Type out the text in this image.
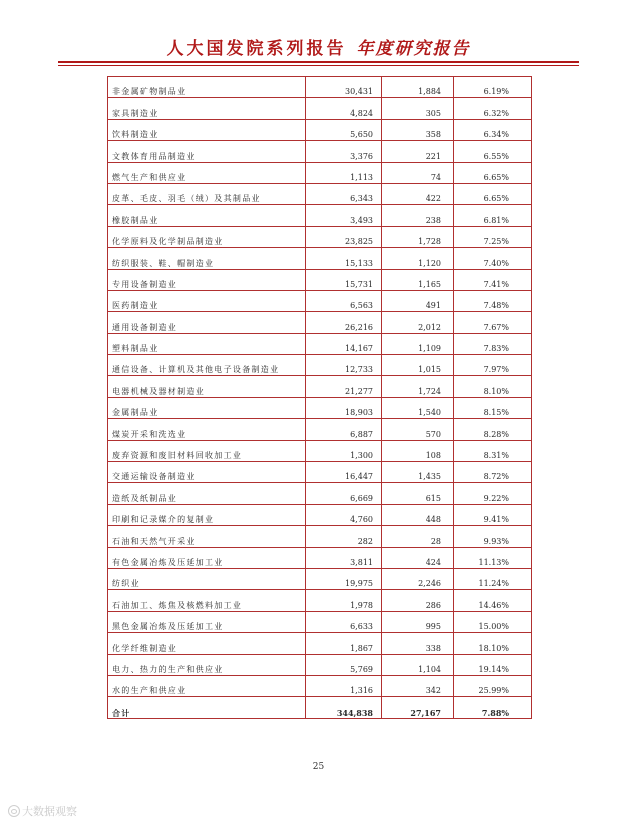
人大国发院系列报告 年度研究报告
非金属矿物制品业	30,431	1,884	6.19%
家具制造业	4,824	305	6.32%
饮料制造业	5,650	358	6.34%
文教体育用品制造业	3,376	221	6.55%
燃气生产和供应业	1,113	74	6.65%
皮革、毛皮、羽毛（绒）及其制品业	6,343	422	6.65%
橡胶制品业	3,493	238	6.81%
化学原料及化学制品制造业	23,825	1,728	7.25%
纺织服装、鞋、帽制造业	15,133	1,120	7.40%
专用设备制造业	15,731	1,165	7.41%
医药制造业	6,563	491	7.48%
通用设备制造业	26,216	2,012	7.67%
塑料制品业	14,167	1,109	7.83%
通信设备、计算机及其他电子设备制造业	12,733	1,015	7.97%
电器机械及器材制造业	21,277	1,724	8.10%
金属制品业	18,903	1,540	8.15%
煤炭开采和洗选业	6,887	570	8.28%
废弃资源和废旧材料回收加工业	1,300	108	8.31%
交通运输设备制造业	16,447	1,435	8.72%
造纸及纸制品业	6,669	615	9.22%
印刷和记录媒介的复制业	4,760	448	9.41%
石油和天然气开采业	282	28	9.93%
有色金属冶炼及压延加工业	3,811	424	11.13%
纺织业	19,975	2,246	11.24%
石油加工、炼焦及核燃料加工业	1,978	286	14.46%
黑色金属冶炼及压延加工业	6,633	995	15.00%
化学纤维制造业	1,867	338	18.10%
电力、热力的生产和供应业	5,769	1,104	19.14%
水的生产和供应业	1,316	342	25.99%
合计	344,838	27,167	7.88%
25
大数据观察
